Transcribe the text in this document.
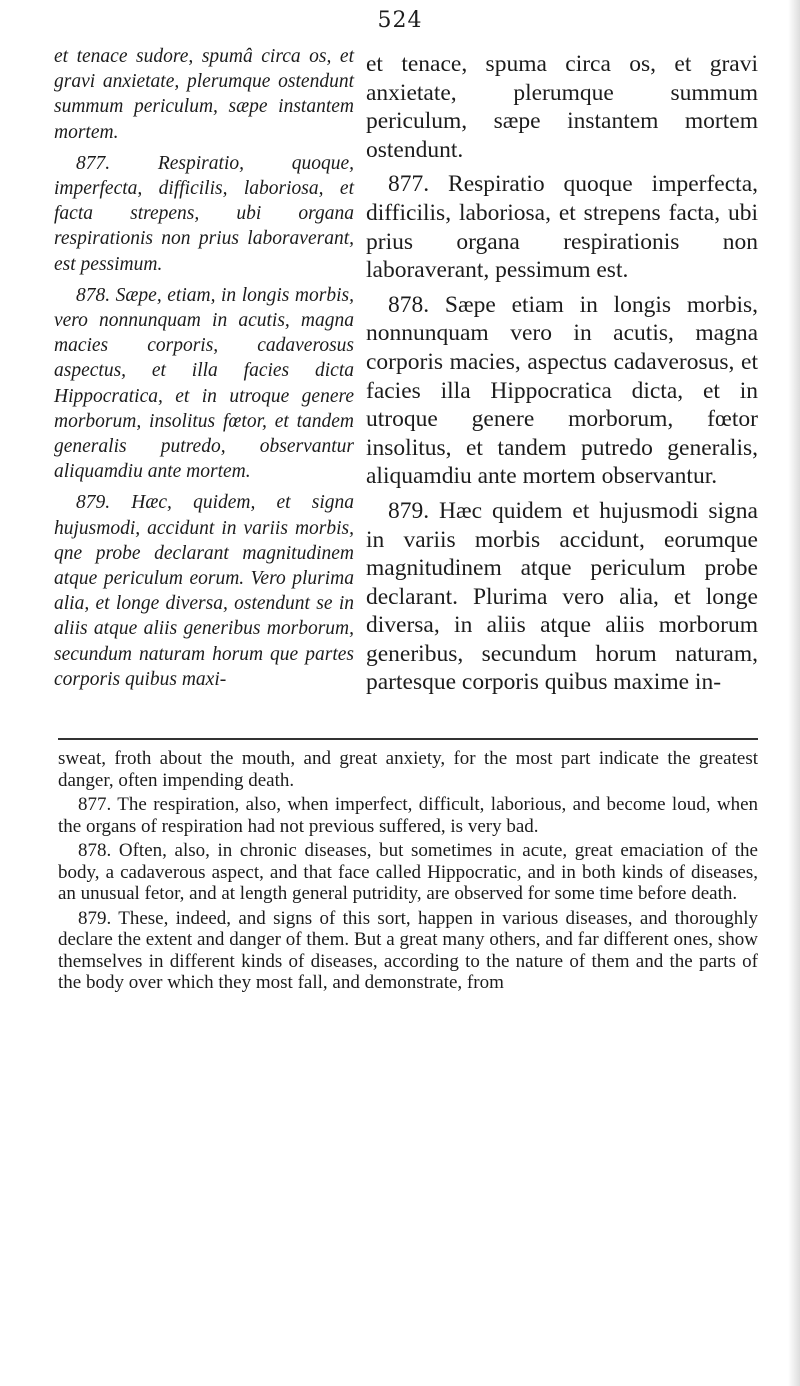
524

et tenace sudore, spumâ circa os, et gravi anxietate, plerumque ostendunt summum periculum, sæpe instantem mortem.

877. Respiratio, quoque, imperfecta, difficilis, laboriosa, et facta strepens, ubi organa respirationis non prius laboraverant, est pessimum.

878. Sæpe, etiam, in longis morbis, vero nonnunquam in acutis, magna macies corporis, cadaverosus aspectus, et illa facies dicta Hippocratica, et in utroque genere morborum, insolitus fœtor, et tandem generalis putredo, observantur aliquamdiu ante mortem.

879. Hæc, quidem, et signa hujusmodi, accidunt in variis morbis, qne probe declarant magnitudinem atque periculum eorum. Vero plurima alia, et longe diversa, ostendunt se in aliis atque aliis generibus morborum, secundum naturam horum que partes corporis quibus maxi-

et tenace, spuma circa os, et gravi anxietate, plerumque summum periculum, sæpe instantem mortem ostendunt.

877. Respiratio quoque imperfecta, difficilis, laboriosa, et strepens facta, ubi prius organa respirationis non laboraverant, pessimum est.

878. Sæpe etiam in longis morbis, nonnunquam vero in acutis, magna corporis macies, aspectus cadaverosus, et facies illa Hippocratica dicta, et in utroque genere morborum, fœtor insolitus, et tandem putredo generalis, aliquamdiu ante mortem observantur.

879. Hæc quidem et hujusmodi signa in variis morbis accidunt, eorumque magnitudinem atque periculum probe declarant. Plurima vero alia, et longe diversa, in aliis atque aliis morborum generibus, secundum horum naturam, partesque corporis quibus maxime in-

sweat, froth about the mouth, and great anxiety, for the most part indicate the greatest danger, often impending death.

877. The respiration, also, when imperfect, difficult, laborious, and become loud, when the organs of respiration had not previous suffered, is very bad.

878. Often, also, in chronic diseases, but sometimes in acute, great emaciation of the body, a cadaverous aspect, and that face called Hippocratic, and in both kinds of diseases, an unusual fetor, and at length general putridity, are observed for some time before death.

879. These, indeed, and signs of this sort, happen in various diseases, and thoroughly declare the extent and danger of them. But a great many others, and far different ones, show themselves in different kinds of diseases, according to the nature of them and the parts of the body over which they most fall, and demonstrate, from
